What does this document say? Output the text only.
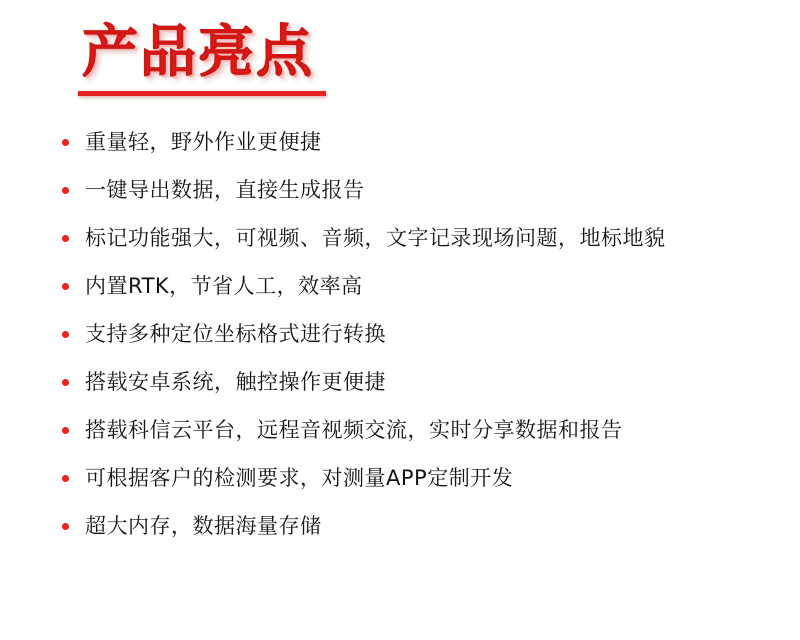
产品亮点
重量轻，野外作业更便捷
一键导出数据，直接生成报告
标记功能强大，可视频、音频，文字记录现场问题，地标地貌
内置RTK，节省人工，效率高
支持多种定位坐标格式进行转换
搭载安卓系统，触控操作更便捷
搭载科信云平台，远程音视频交流，实时分享数据和报告
可根据客户的检测要求，对测量APP定制开发
超大内存，数据海量存储
